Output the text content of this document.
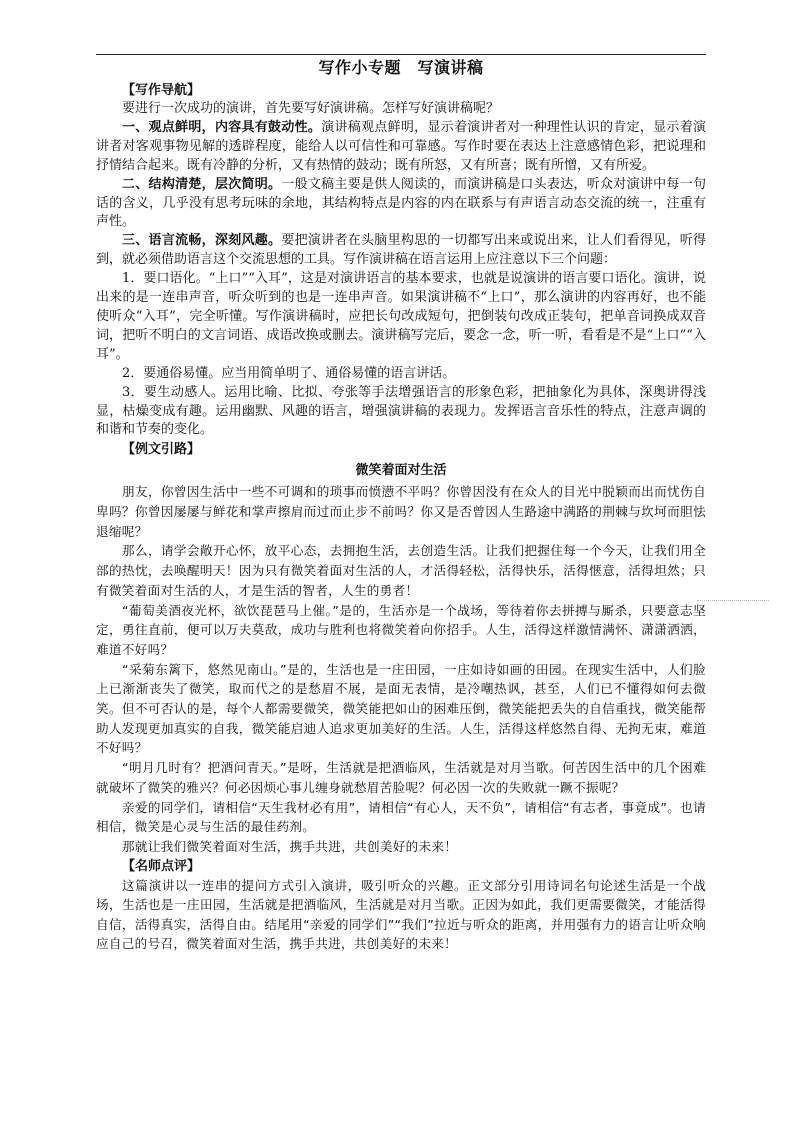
写作小专题　写演讲稿
【写作导航】

要进行一次成功的演讲，首先要写好演讲稿。怎样写好演讲稿呢？

一、观点鲜明，内容具有鼓动性。演讲稿观点鲜明，显示着演讲者对一种理性认识的肯定，显示着演讲者对客观事物见解的透辟程度，能给人以可信性和可靠感。写作时要在表达上注意感情色彩，把说理和抒情结合起来。既有冷静的分析，又有热情的鼓动；既有所怒，又有所喜；既有所憎，又有所爱。

二、结构清楚，层次简明。一般文稿主要是供人阅读的，而演讲稿是口头表达，听众对演讲中每一句话的含义，几乎没有思考玩味的余地，其结构特点是内容的内在联系与有声语言动态交流的统一，注重有声性。

三、语言流畅，深刻风趣。要把演讲者在头脑里构思的一切都写出来或说出来，让人们看得见，听得到，就必须借助语言这个交流思想的工具。写作演讲稿在语言运用上应注意以下三个问题：

1．要口语化。“上口”“入耳”，这是对演讲语言的基本要求，也就是说演讲的语言要口语化。演讲，说出来的是一连串声音，听众听到的也是一连串声音。如果演讲稿不“上口”，那么演讲的内容再好，也不能使听众“入耳”，完全听懂。写作演讲稿时，应把长句改成短句，把倒装句改成正装句，把单音词换成双音词，把听不明白的文言词语、成语改换或删去。演讲稿写完后，要念一念，听一听，看看是不是“上口”“入耳”。

2．要通俗易懂。应当用简单明了、通俗易懂的语言讲话。

3．要生动感人。运用比喻、比拟、夸张等手法增强语言的形象色彩，把抽象化为具体，深奥讲得浅显，枯燥变成有趣。运用幽默、风趣的语言，增强演讲稿的表现力。发挥语言音乐性的特点，注意声调的和谐和节奏的变化。

【例文引路】
微笑着面对生活

朋友，你曾因生活中一些不可调和的琐事而愤懑不平吗？你曾因没有在众人的目光中脱颖而出而忧伤自卑吗？你曾因屡屡与鲜花和掌声擦肩而过而止步不前吗？你又是否曾因人生路途中满路的荆棘与坎坷而胆怯退缩呢？

那么，请学会敞开心怀，放平心态，去拥抱生活，去创造生活。让我们把握住每一个今天，让我们用全部的热忱，去唤醒明天！因为只有微笑着面对生活的人，才活得轻松，活得快乐，活得惬意，活得坦然；只有微笑着面对生活的人，才是生活的智者，人生的勇者！

“葡萄美酒夜光杯，欲饮琵琶马上催。”是的，生活亦是一个战场，等待着你去拼搏与厮杀，只要意志坚定，勇往直前，便可以万夫莫敌，成功与胜利也将微笑着向你招手。人生，活得这样激情满怀、潇潇洒洒，难道不好吗？

“采菊东篱下，悠然见南山。”是的，生活也是一庄田园，一庄如诗如画的田园。在现实生活中，人们脸上已渐渐丧失了微笑，取而代之的是愁眉不展，是面无表情，是冷嘲热讽，甚至，人们已不懂得如何去微笑。但不可否认的是，每个人都需要微笑，微笑能把如山的困难压倒，微笑能把丢失的自信重找，微笑能帮助人发现更加真实的自我，微笑能启迪人追求更加美好的生活。人生，活得这样悠然自得、无拘无束，难道不好吗？

“明月几时有？把酒问青天。”是呀，生活就是把酒临风，生活就是对月当歌。何苦因生活中的几个困难就破坏了微笑的雅兴？何必因烦心事儿缠身就愁眉苦脸呢？何必因一次的失败就一蹶不振呢？

亲爱的同学们，请相信“天生我材必有用”，请相信“有心人，天不负”，请相信“有志者，事竟成”。也请相信，微笑是心灵与生活的最佳药剂。

那就让我们微笑着面对生活，携手共进，共创美好的未来！

【名师点评】

这篇演讲以一连串的提问方式引入演讲，吸引听众的兴趣。正文部分引用诗词名句论述生活是一个战场，生活也是一庄田园，生活就是把酒临风，生活就是对月当歌。正因为如此，我们更需要微笑，才能活得自信，活得真实，活得自由。结尾用“亲爱的同学们”“我们”拉近与听众的距离，并用强有力的语言让听众响应自己的号召，微笑着面对生活，携手共进，共创美好的未来！
